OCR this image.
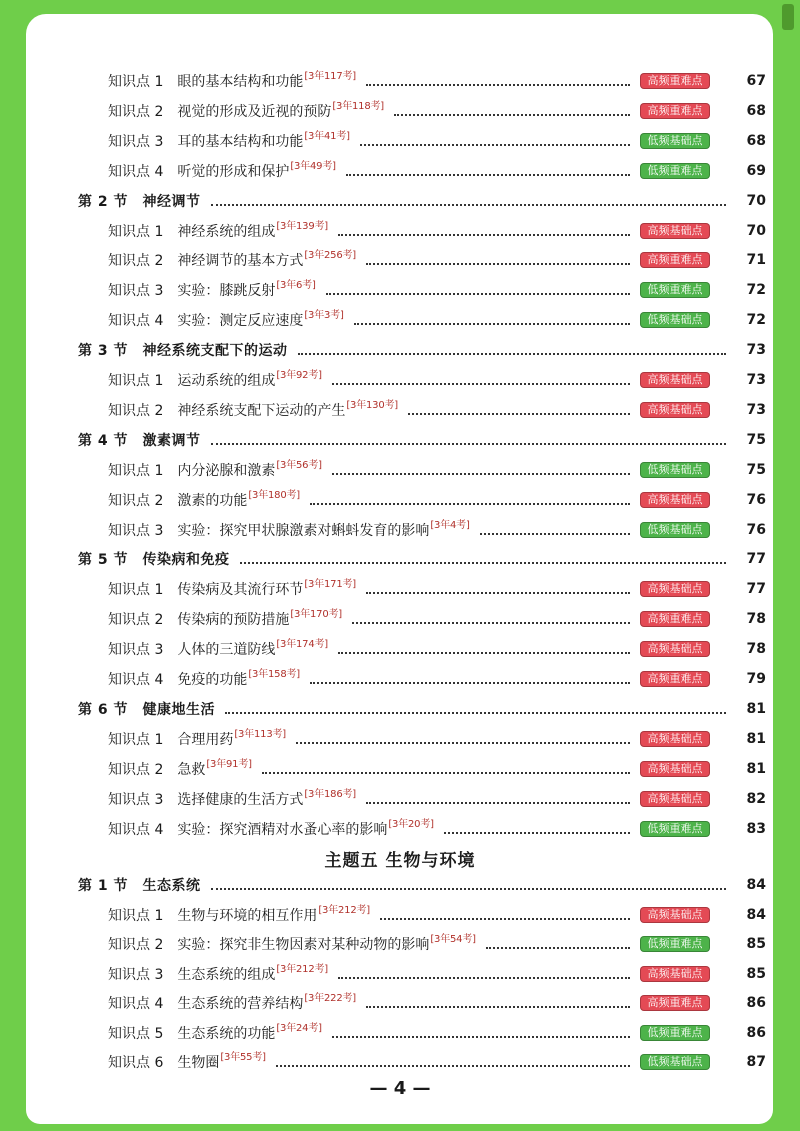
知识点 1　 眼的基本结构和功能[3年117考]	高频重难点	67
知识点 2　 视觉的形成及近视的预防[3年118考]	高频重难点	68
知识点 3　 耳的基本结构和功能[3年41考]	低频基础点	68
知识点 4　 听觉的形成和保护[3年49考]	低频重难点	69
第 2 节　 神经调节	70
知识点 1　 神经系统的组成[3年139考]	高频基础点	70
知识点 2　 神经调节的基本方式[3年256考]	高频重难点	71
知识点 3　 实验：膝跳反射[3年6考]	低频重难点	72
知识点 4　 实验：测定反应速度[3年3考]	低频基础点	72
第 3 节　 神经系统支配下的运动	73
知识点 1　 运动系统的组成[3年92考]	高频基础点	73
知识点 2　 神经系统支配下运动的产生[3年130考]	高频基础点	73
第 4 节　 激素调节	75
知识点 1　 内分泌腺和激素[3年56考]	低频基础点	75
知识点 2　 激素的功能[3年180考]	高频基础点	76
知识点 3　 实验：探究甲状腺激素对蝌蚪发育的影响[3年4考]	低频基础点	76
第 5 节　 传染病和免疫	77
知识点 1　 传染病及其流行环节[3年171考]	高频基础点	77
知识点 2　 传染病的预防措施[3年170考]	高频重难点	78
知识点 3　 人体的三道防线[3年174考]	高频基础点	78
知识点 4　 免疫的功能[3年158考]	高频重难点	79
第 6 节　 健康地生活	81
知识点 1　 合理用药[3年113考]	高频基础点	81
知识点 2　 急救[3年91考]	高频基础点	81
知识点 3　 选择健康的生活方式[3年186考]	高频基础点	82
知识点 4　 实验：探究酒精对水蚤心率的影响[3年20考]	低频重难点	83
第 1 节　 生态系统	84
知识点 1　 生物与环境的相互作用[3年212考]	高频基础点	84
知识点 2　 实验：探究非生物因素对某种动物的影响[3年54考]	低频重难点	85
知识点 3　 生态系统的组成[3年212考]	高频基础点	85
知识点 4　 生态系统的营养结构[3年222考]	高频重难点	86
知识点 5　 生态系统的功能[3年24考]	低频重难点	86
知识点 6　 生物圈[3年55考]	低频基础点	87
主题五 生物与环境
— 4 —
